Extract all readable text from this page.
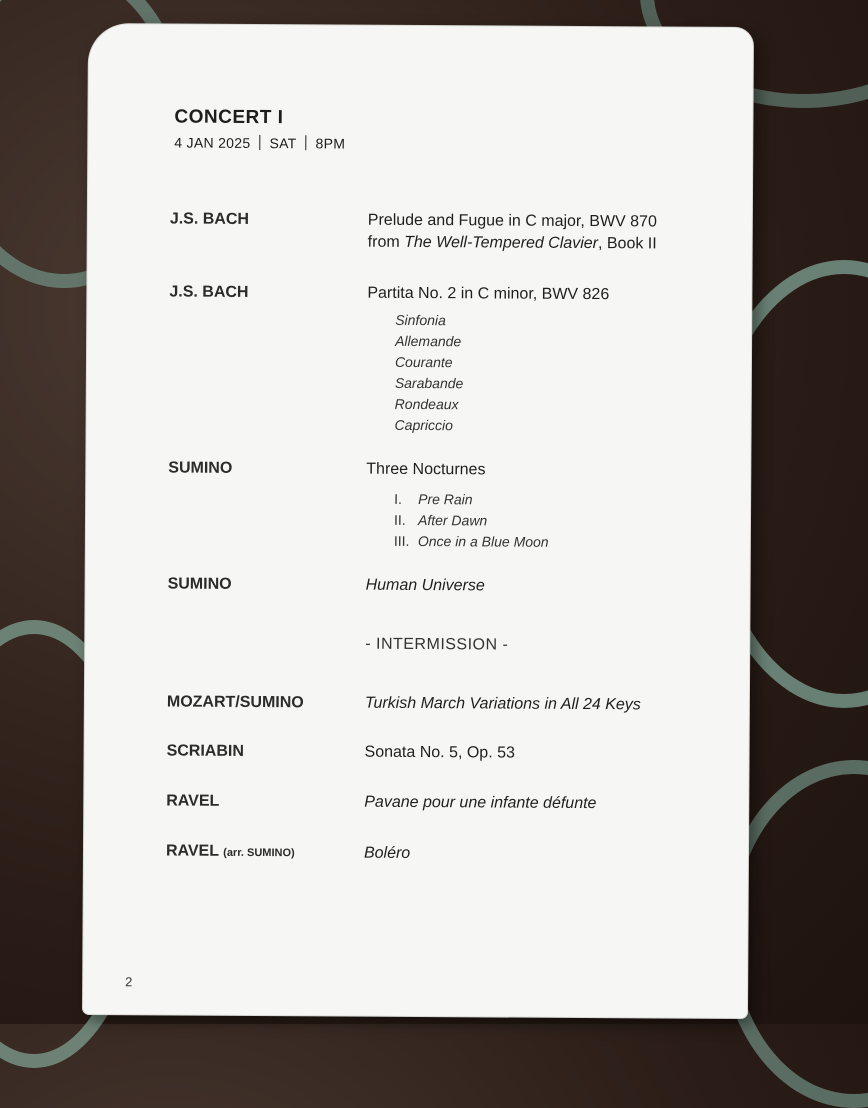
CONCERT I
4 JAN 2025 SAT 8PM
J.S. BACH	Prelude and Fugue in C major, BWV 870
from The Well-Tempered Clavier, Book II
J.S. BACH	Partita No. 2 in C minor, BWV 826
Sinfonia
Allemande
Courante
Sarabande
Rondeaux
Capriccio
SUMINO	Three Nocturnes
I. Pre Rain
II. After Dawn
III. Once in a Blue Moon
SUMINO	Human Universe
- INTERMISSION -
MOZART/SUMINO	Turkish March Variations in All 24 Keys
SCRIABIN	Sonata No. 5, Op. 53
RAVEL	Pavane pour une infante défunte
RAVEL (arr. SUMINO)	Boléro
2
